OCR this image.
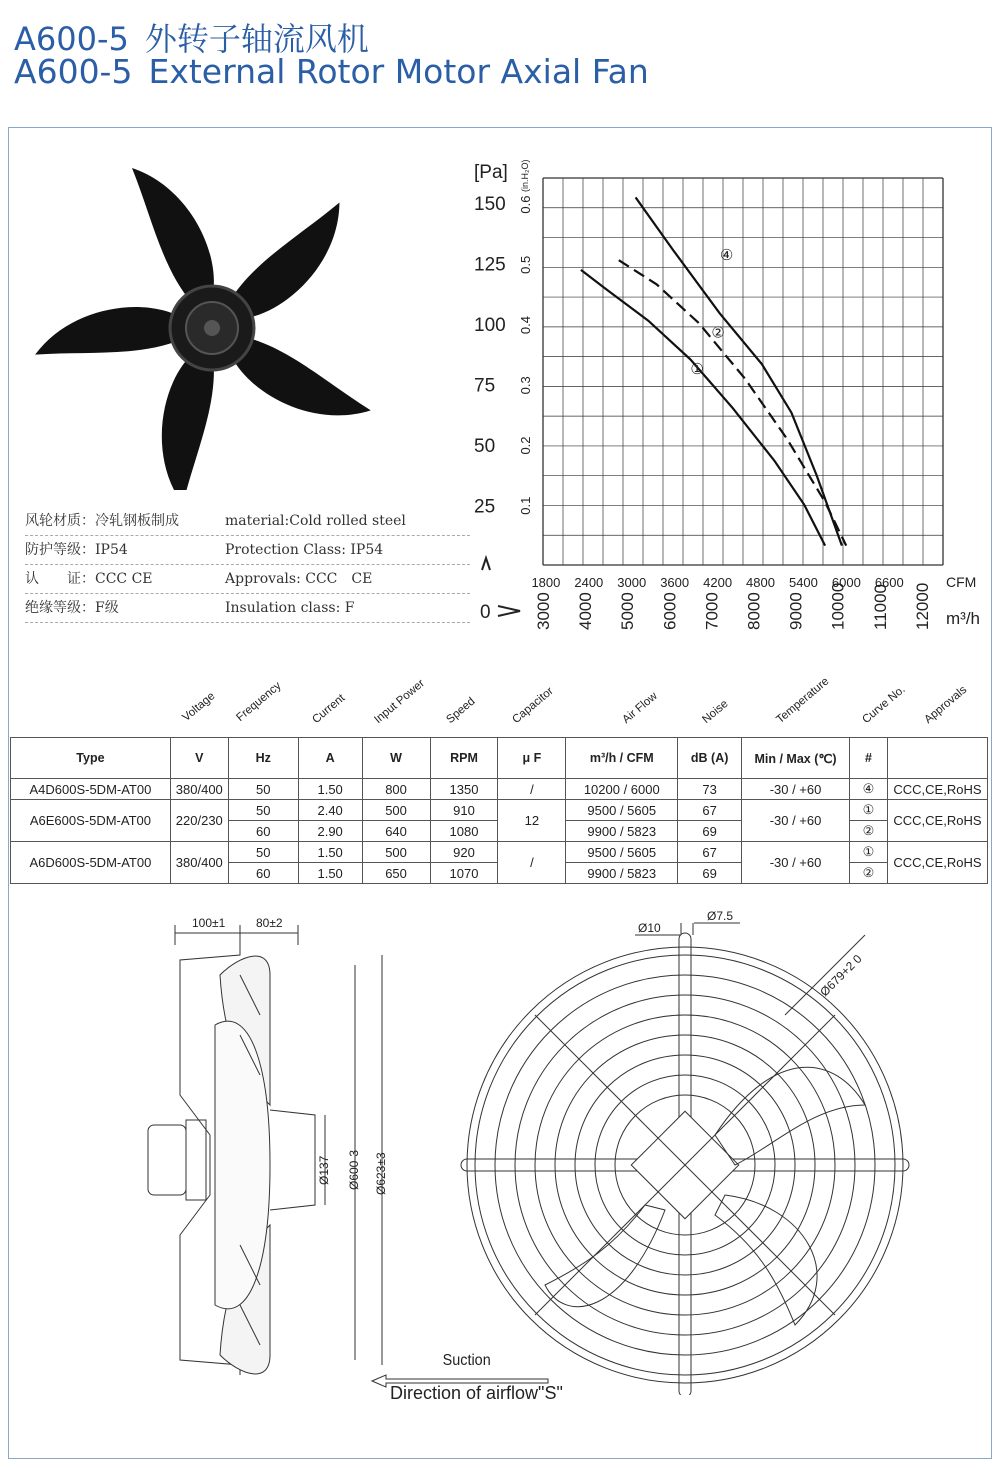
A600-5 外转子轴流风机
A600-5 External Rotor Motor Axial Fan
风轮材质：冷轧钢板制成	material:Cold rolled steel
防护等级：IP54	Protection Class: IP54
认　　证：CCC CE	Approvals: CCC　CE
绝缘等级：F级	Insulation class: F
[Pa] (in.H₂O)
150
125
100
75
50
25
0
0.6
0.5
0.4
0.3
0.2
0.1
1800 2400 3000 3600 4200 4800 5400 6000 6600	CFM
3000 4000 5000 6000 7000 8000 9000 10000 11000 12000 m³/h
①
②
④
Voltage Frequency Current Input Power Speed	Capacitor	Air Flow	Noise	Temperature	Curve No. Approvals
Type	V	Hz	A	W	RPM	μ F	m³/h / CFM	dB (A)	Min / Max (℃)	#	
A4D600S-5DM-AT00	380/400	50	1.50	800	1350	/	10200 / 6000	73	-30 / +60	④	CCC,CE,RoHS
A6E600S-5DM-AT00	220/230	50	2.40	500	910	12	9500 / 5605	67	-30 / +60	①	CCC,CE,RoHS
		60	2.90	640	1080		9900 / 5823	69		②	
A6D600S-5DM-AT00	380/400	50	1.50	500	920	/	9500 / 5605	67	-30 / +60	①	CCC,CE,RoHS
		60	1.50	650	1070		9900 / 5823	69		②	
100±1	80±2
Ø137 Ø600-3 Ø623±3
Suction
Direction of airflow"S"
Ø10
Ø7.5
Ø679+2 0
